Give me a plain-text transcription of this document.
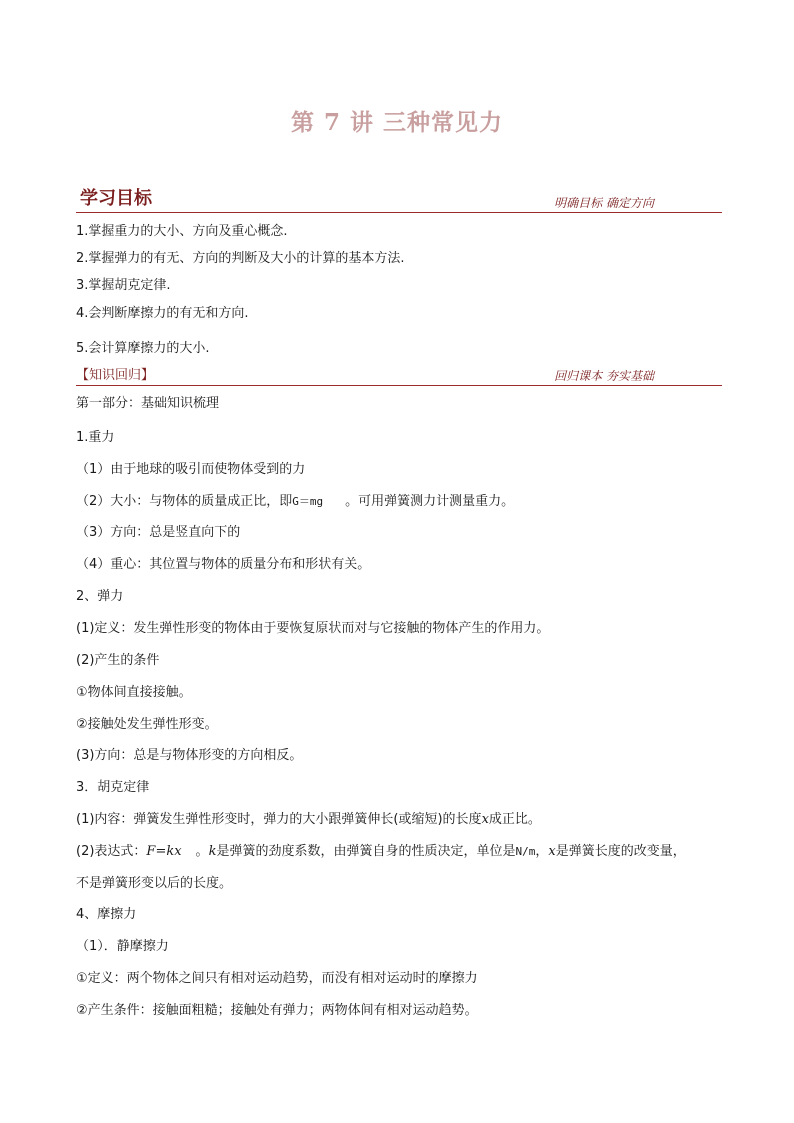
第 7 讲 三种常见力
学习目标	明确目标 确定方向
1.掌握重力的大小、方向及重心概念.
2.掌握弹力的有无、方向的判断及大小的计算的基本方法.
3.掌握胡克定律.
4.会判断摩擦力的有无和方向.
5.会计算摩擦力的大小.
【知识回归】	回归课本 夯实基础
第一部分：基础知识梳理
1.重力
（1）由于地球的吸引而使物体受到的力
（2）大小：与物体的质量成正比，即G＝mg 。可用弹簧测力计测量重力。
（3）方向：总是竖直向下的
（4）重心：其位置与物体的质量分布和形状有关。
2、弹力
(1)定义：发生弹性形变的物体由于要恢复原状而对与它接触的物体产生的作用力。
(2)产生的条件
①物体间直接接触。
②接触处发生弹性形变。
(3)方向：总是与物体形变的方向相反。
3．胡克定律
(1)内容：弹簧发生弹性形变时，弹力的大小跟弹簧伸长(或缩短)的长度x成正比。
(2)表达式：F=kx 。k是弹簧的劲度系数，由弹簧自身的性质决定，单位是N/m，x是弹簧长度的改变量，
不是弹簧形变以后的长度。
4、摩擦力
（1）．静摩擦力
①定义：两个物体之间只有相对运动趋势，而没有相对运动时的摩擦力
②产生条件：接触面粗糙；接触处有弹力；两物体间有相对运动趋势。
